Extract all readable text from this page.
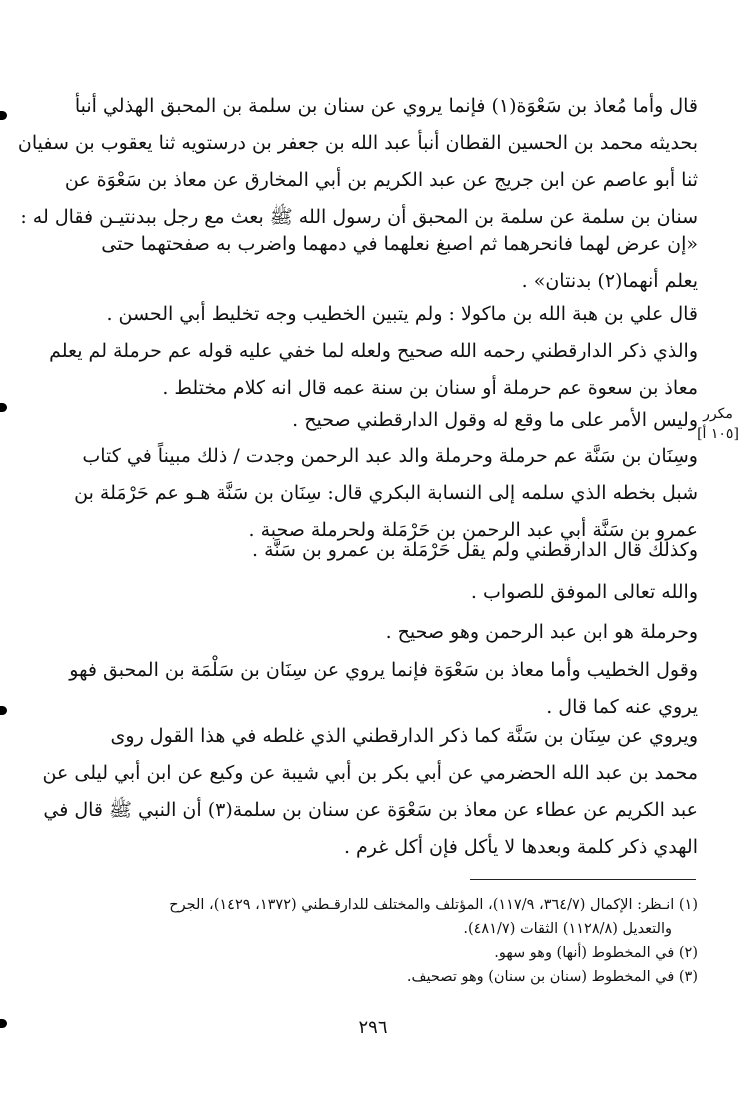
قال وأما مُعاذ بن سَعْوَة(١) فإنما يروي عن سنان بن سلمة بن المحبق الهذلي أنبأ
بحديثه محمد بن الحسين القطان أنبأ عبد الله بن جعفر بن درستويه ثنا يعقوب بن سفيان
ثنا أبو عاصم عن ابن جريج عن عبد الكريم بن أبي المخارق عن معاذ بن سَعْوَة عن
سنان بن سلمة عن سلمة بن المحبق أن رسول الله ﷺ بعث مع رجل ببدنتيـن فقال له :

«إن عرض لهما فانحرهما ثم اصبغ نعلهما في دمهما واضرب به صفحتهما حتى
يعلم أنهما(٢) بدنتان» .

قال علي بن هبة الله بن ماكولا : ولم يتبين الخطيب وجه تخليط أبي الحسن .
والذي ذكر الدارقطني رحمه الله صحيح ولعله لما خفي عليه قوله عم حرملة لم يعلم
معاذ بن سعوة عم حرملة أو سنان بن سنة عمه قال انه كلام مختلط .

وليس الأمر على ما وقع له وقول الدارقطني صحيح .

وسِنَان بن سَنَّة عم حرملة وحرملة والد عبد الرحمن وجدت / ذلك مبيناً في كتاب
شبل بخطه الذي سلمه إلى النسابة البكري قال: سِنَان بن سَنَّة هـو عم حَرْمَلة بن
عمرو بن سَنَّة أبي عبد الرحمن بن حَرْمَلة ولحرملة صحبة .

وكذلك قال الدارقطني ولم يقل حَرْمَلة بن عمرو بن سَنَّة .

والله تعالى الموفق للصواب .

وحرملة هو ابن عبد الرحمن وهو صحيح .

وقول الخطيب وأما معاذ بن سَعْوَة فإنما يروي عن سِنَان بن سَلْمَة بن المحبق فهو
يروي عنه كما قال .

ويروي عن سِنَان بن سَنَّة كما ذكر الدارقطني الذي غلطه في هذا القول روى
محمد بن عبد الله الحضرمي عن أبي بكر بن أبي شيبة عن وكيع عن ابن أبي ليلى عن
عبد الكريم عن عطاء عن معاذ بن سَعْوَة عن سنان بن سلمة(٣) أن النبي ﷺ قال في
الهدي ذكر كلمة وبعدها لا يأكل فإن أكل غرم .

مكرر
[١٠٥ أ]
(١) انـظر: الإكمال (٣٦٤/٧، ١١٧/٩)، المؤتلف والمختلف للدارقـطني (١٣٧٢، ١٤٢٩)، الجرح
والتعديل (١١٢٨/٨) الثقات (٤٨١/٧).
(٢) في المخطوط (أنها) وهو سهو.
(٣) في المخطوط (سنان بن سنان) وهو تصحيف.
٢٩٦
